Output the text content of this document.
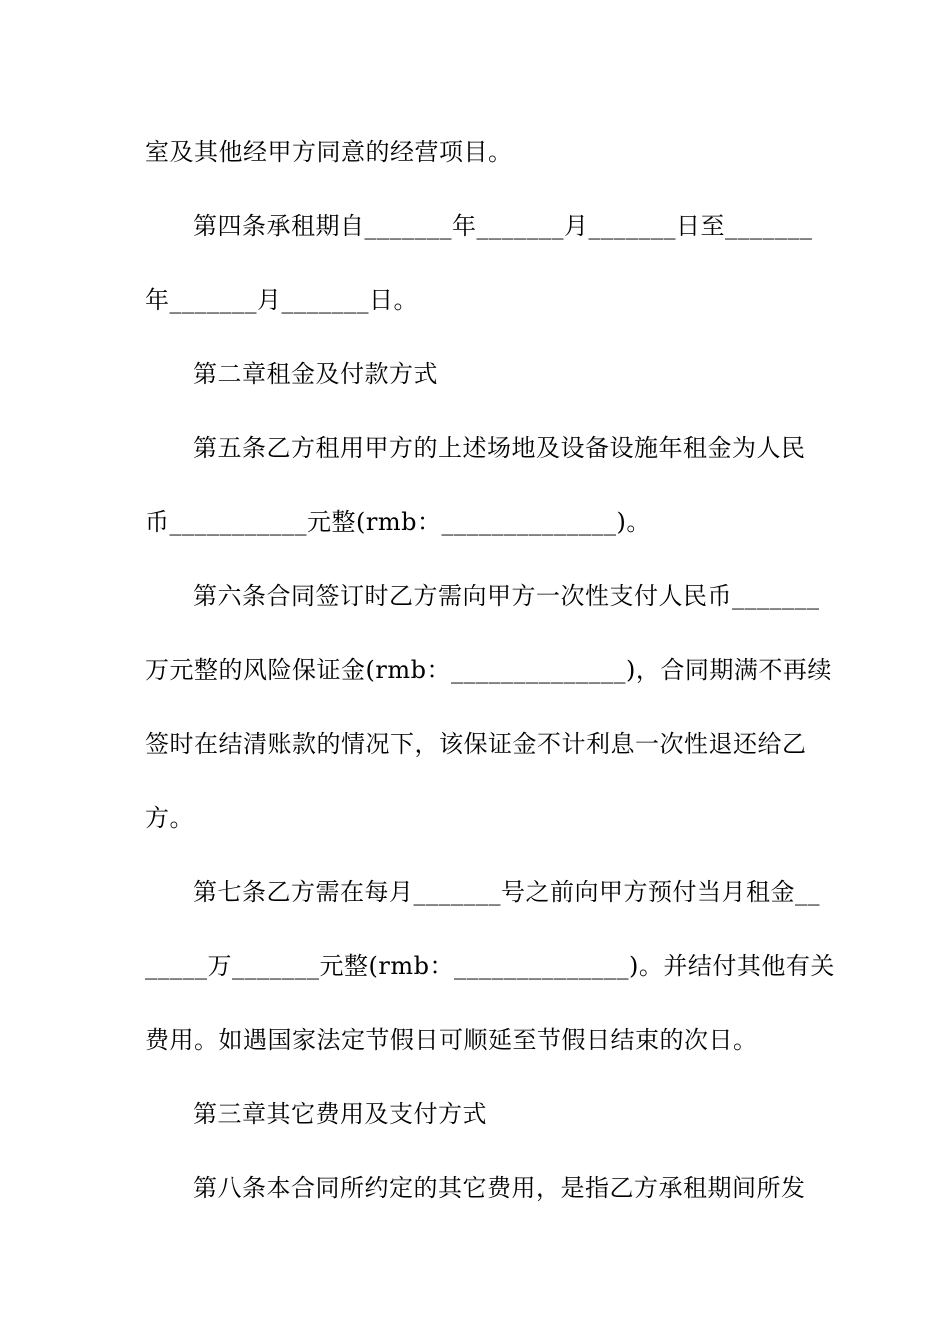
室及其他经甲方同意的经营项目。
第四条承租期自_______年_______月_______日至_______
年_______月_______日。
第二章租金及付款方式
第五条乙方租用甲方的上述场地及设备设施年租金为人民
币___________元整(rmb：______________)。
第六条合同签订时乙方需向甲方一次性支付人民币_______
万元整的风险保证金(rmb：______________)，合同期满不再续
签时在结清账款的情况下，该保证金不计利息一次性退还给乙
方。
第七条乙方需在每月_______号之前向甲方预付当月租金__
_____万_______元整(rmb：______________)。并结付其他有关
费用。如遇国家法定节假日可顺延至节假日结束的次日。
第三章其它费用及支付方式
第八条本合同所约定的其它费用，是指乙方承租期间所发
